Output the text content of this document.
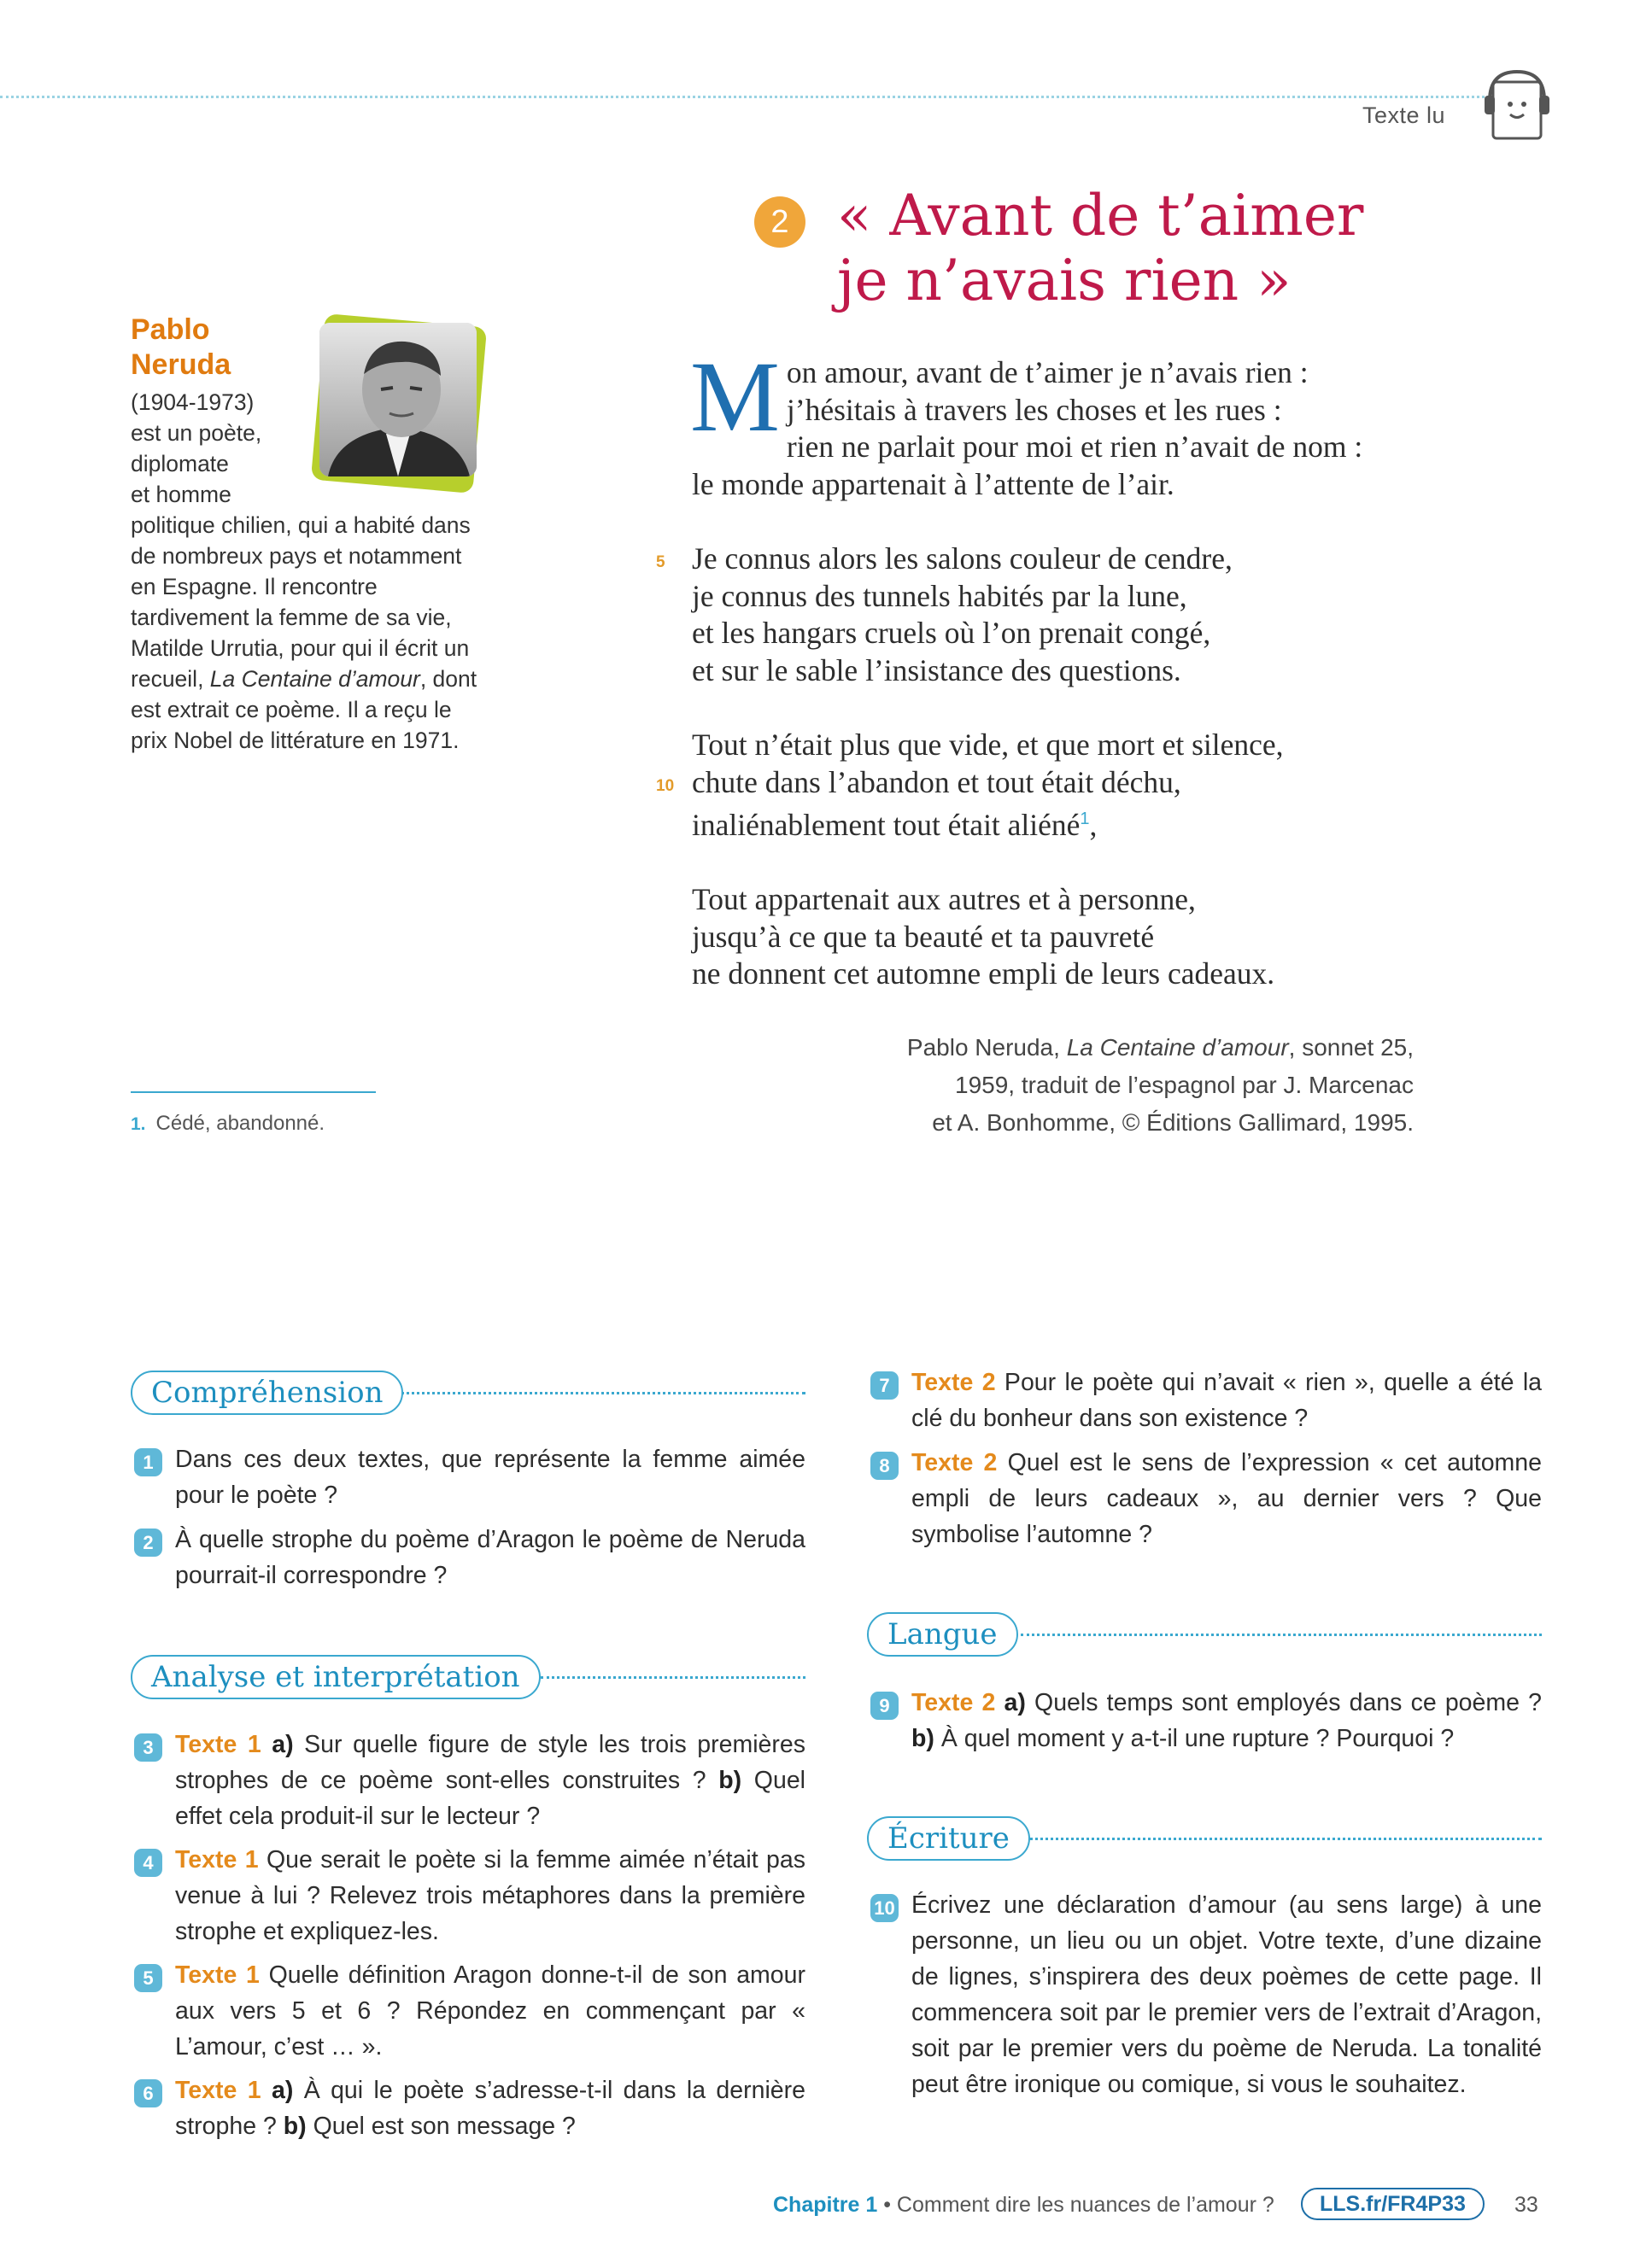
Texte lu
2 « Avant de t’aimer
je n’avais rien »
Pablo
Neruda
(1904-1973)
est un poète,
diplomate
et homme
politique chilien, qui a habité dans de nombreux pays et notamment en Espagne. Il rencontre tardivement la femme de sa vie, Matilde Urrutia, pour qui il écrit un recueil, La Centaine d’amour, dont est extrait ce poème. Il a reçu le prix Nobel de littérature en 1971.
M on amour, avant de t’aimer je n’avais rien :
j’hésitais à travers les choses et les rues :
rien ne parlait pour moi et rien n’avait de nom :
le monde appartenait à l’attente de l’air.
5 Je connus alors les salons couleur de cendre,
je connus des tunnels habités par la lune,
et les hangars cruels où l’on prenait congé,
et sur le sable l’insistance des questions.
Tout n’était plus que vide, et que mort et silence,
10 chute dans l’abandon et tout était déchu,
inaliénablement tout était aliéné$^1$,
Tout appartenait aux autres et à personne,
jusqu’à ce que ta beauté et ta pauvreté
ne donnent cet automne empli de leurs cadeaux.
Pablo Neruda, La Centaine d’amour, sonnet 25,
1959, traduit de l’espagnol par J. Marcenac
et A. Bonhomme, © Éditions Gallimard, 1995.
1. Cédé, abandonné.
Compréhension
1 Dans ces deux textes, que représente la femme aimée pour le poète ?
2 À quelle strophe du poème d’Aragon le poème de Neruda pourrait-il correspondre ?
Analyse et interprétation
3 Texte 1 a) Sur quelle figure de style les trois premières strophes de ce poème sont-elles construites ? b) Quel effet cela produit-il sur le lecteur ?
4 Texte 1 Que serait le poète si la femme aimée n’était pas venue à lui ? Relevez trois métaphores dans la première strophe et expliquez-les.
5 Texte 1 Quelle définition Aragon donne-t-il de son amour aux vers 5 et 6 ? Répondez en commençant par « L’amour, c’est … ».
6 Texte 1 a) À qui le poète s’adresse-t-il dans la dernière strophe ? b) Quel est son message ?
7 Texte 2 Pour le poète qui n’avait « rien », quelle a été la clé du bonheur dans son existence ?
8 Texte 2 Quel est le sens de l’expression « cet automne empli de leurs cadeaux », au dernier vers ? Que symbolise l’automne ?
Langue
9 Texte 2 a) Quels temps sont employés dans ce poème ? b) À quel moment y a-t-il une rupture ? Pourquoi ?
Écriture
10 Écrivez une déclaration d’amour (au sens large) à une personne, un lieu ou un objet. Votre texte, d’une dizaine de lignes, s’inspirera des deux poèmes de cette page. Il commencera soit par le premier vers de l’extrait d’Aragon, soit par le premier vers du poème de Neruda. La tonalité peut être ironique ou comique, si vous le souhaitez.
Chapitre 1 • Comment dire les nuances de l’amour ?	LLS.fr/FR4P33	33
